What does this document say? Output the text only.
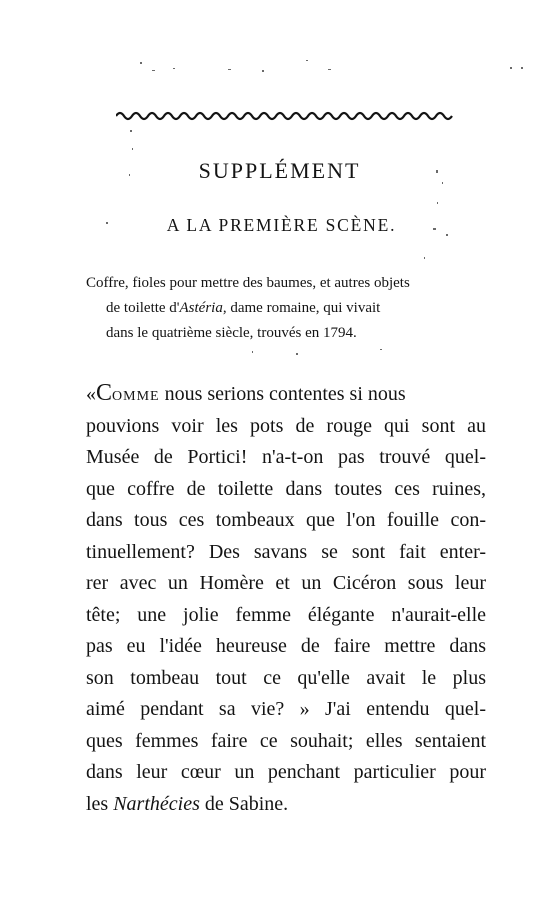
SUPPLÉMENT
A LA PREMIÈRE SCÈNE.

Coffre, fioles pour mettre des baumes, et autres objets
de toilette d'Astéria, dame romaine, qui vivait
dans le quatrième siècle, trouvés en 1794.

«Comme nous serions contentes si nous
pouvions voir les pots de rouge qui sont au
Musée de Portici! n'a-t-on pas trouvé quel-
que coffre de toilette dans toutes ces ruines,
dans tous ces tombeaux que l'on fouille con-
tinuellement? Des savans se sont fait enter-
rer avec un Homère et un Cicéron sous leur
tête; une jolie femme élégante n'aurait-elle
pas eu l'idée heureuse de faire mettre dans
son tombeau tout ce qu'elle avait le plus
aimé pendant sa vie? » J'ai entendu quel-
ques femmes faire ce souhait; elles sentaient
dans leur cœur un penchant particulier pour
les Narthécies de Sabine.
